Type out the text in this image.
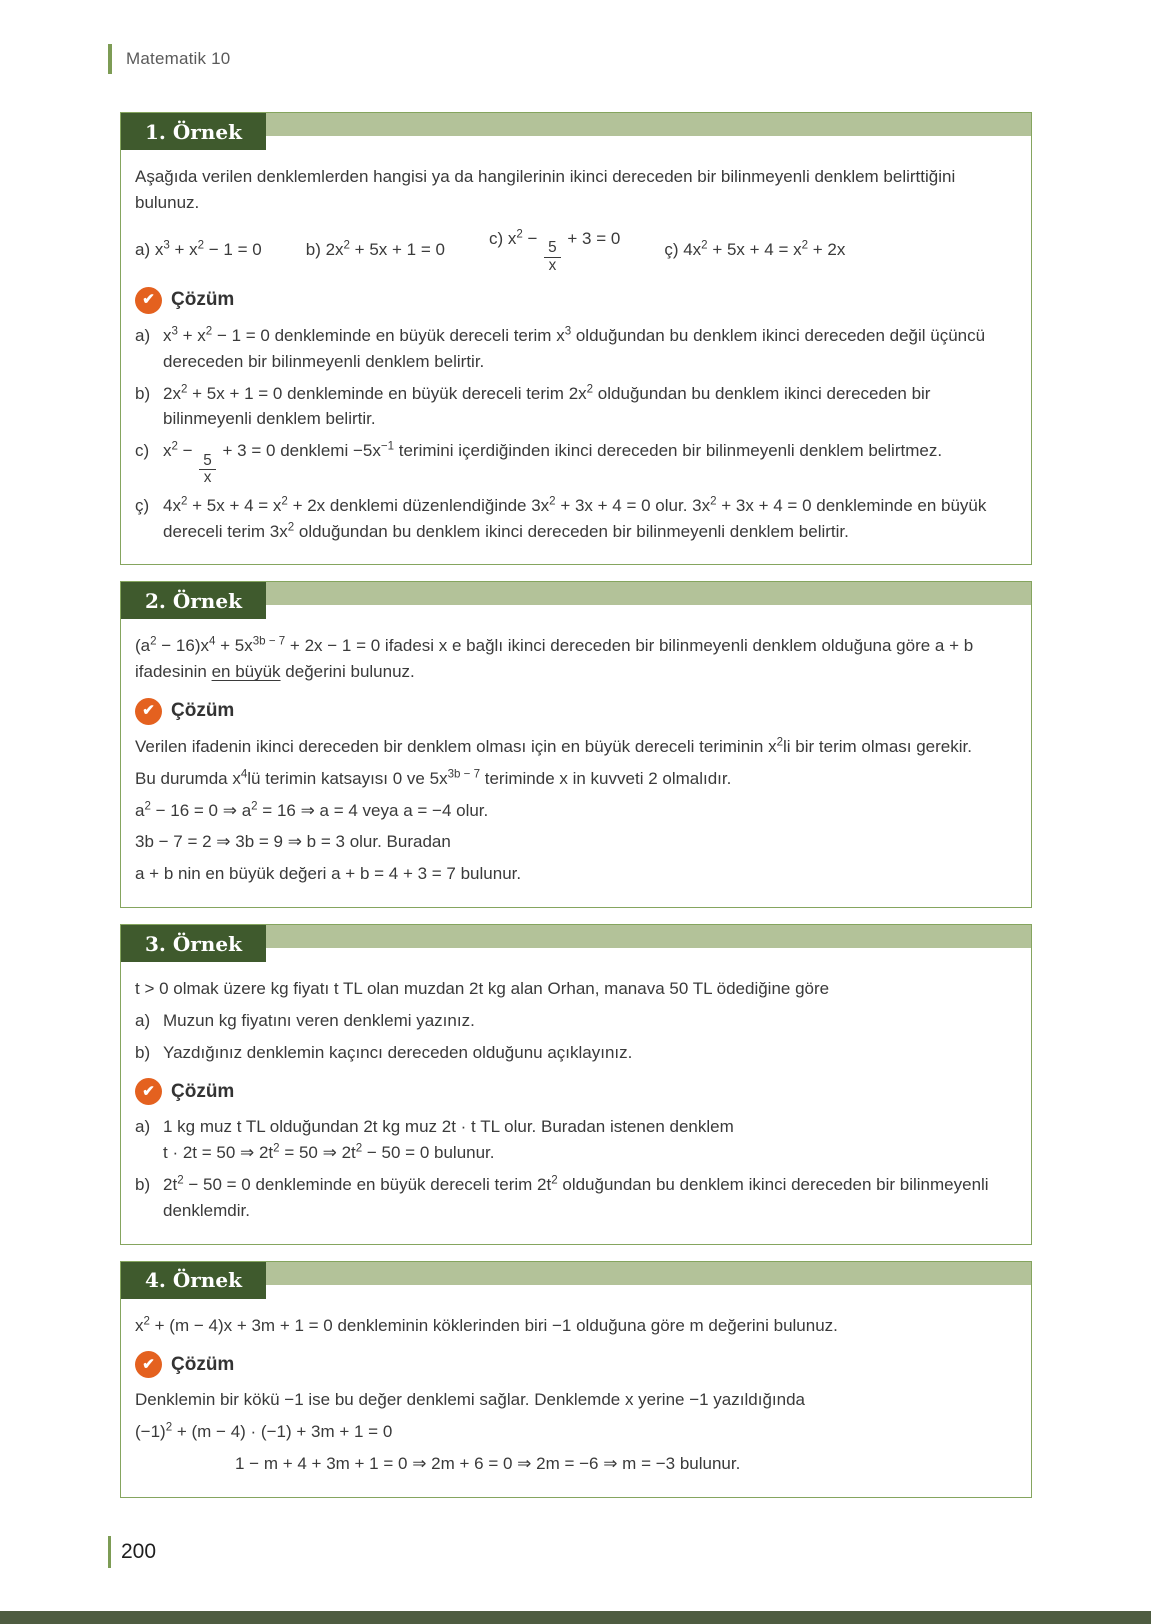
Matematik 10
1. Örnek
Aşağıda verilen denklemlerden hangisi ya da hangilerinin ikinci dereceden bir bilinmeyenli denklem belirttiğini bulunuz.
a) $x^3 + x^2 - 1 = 0$	b) $2x^2 + 5x + 1 = 0$
c) $x^2$ −
$\frac{5}{x}$
+ 3 = 0
ç) $4x^2 + 5x + 4 = x^2 + 2x$
✔ Çözüm
a) $x^3 + x^2 - 1 = 0$ denkleminde en büyük dereceli terim $x^3$ olduğundan bu denklem ikinci dereceden değil üçüncü dereceden bir bilinmeyenli denklem belirtir.
b) $2x^2 + 5x + 1 = 0$ denkleminde en büyük dereceli terim $2x^2$ olduğundan bu denklem ikinci dereceden bir bilinmeyenli denklem belirtir.
c) $x^2$ −
$\frac{5}{x}$
+ 3 = 0 denklemi $-5x^{-1}$ terimini içerdiğinden ikinci dereceden bir bilinmeyenli denklem belirtmez.
ç) $4x^2 + 5x + 4 = x^2 + 2x$ denklemi düzenlendiğinde $3x^2 + 3x + 4 = 0$ olur. $3x^2 + 3x + 4 = 0$ denkleminde en büyük dereceli terim $3x^2$ olduğundan bu denklem ikinci dereceden bir bilinmeyenli denklem belirtir.
2. Örnek
$(a^2 - 16)x^4 + 5x^{3b - 7} + 2x - 1 = 0$ ifadesi x e bağlı ikinci dereceden bir bilinmeyenli denklem olduğuna göre a + b ifadesinin en büyük değerini bulunuz.
✔ Çözüm
Verilen ifadenin ikinci dereceden bir denklem olması için en büyük dereceli teriminin $x^2li$ bir terim olması gerekir.
Bu durumda $x^4lü$ terimin katsayısı 0 ve $5x^{3b - 7}$ teriminde x in kuvveti 2 olmalıdır.
$a^2 - 16 = 0$ ⇒ $a^2 = 16$ ⇒ a = 4 veya a = −4 olur.
3b − 7 = 2 ⇒ 3b = 9 ⇒ b = 3 olur. Buradan
a + b nin en büyük değeri a + b = 4 + 3 = 7 bulunur.
3. Örnek
t > 0 olmak üzere kg fiyatı t TL olan muzdan 2t kg alan Orhan, manava 50 TL ödediğine göre
a) Muzun kg fiyatını veren denklemi yazınız.
b) Yazdığınız denklemin kaçıncı dereceden olduğunu açıklayınız.
✔ Çözüm
a) 1 kg muz t TL olduğundan 2t kg muz 2t · t TL olur. Buradan istenen denklem
t · 2t = 50 ⇒ $2t^2 = 50$ ⇒ $2t^2 - 50 = 0$ bulunur.
b) $2t^2 - 50 = 0$ denkleminde en büyük dereceli terim $2t^2$ olduğundan bu denklem ikinci dereceden bir bilinmeyenli denklemdir.
4. Örnek
$x^2 + (m - 4)x + 3m + 1 = 0$ denkleminin köklerinden biri −1 olduğuna göre m değerini bulunuz.
✔ Çözüm
Denklemin bir kökü −1 ise bu değer denklemi sağlar. Denklemde x yerine −1 yazıldığında
$(-1)^2 + (m - 4) \cdot (-1) + 3m + 1 = 0$
1 − m + 4 + 3m + 1 = 0 ⇒ 2m + 6 = 0 ⇒ 2m = −6 ⇒ m = −3 bulunur.
200
